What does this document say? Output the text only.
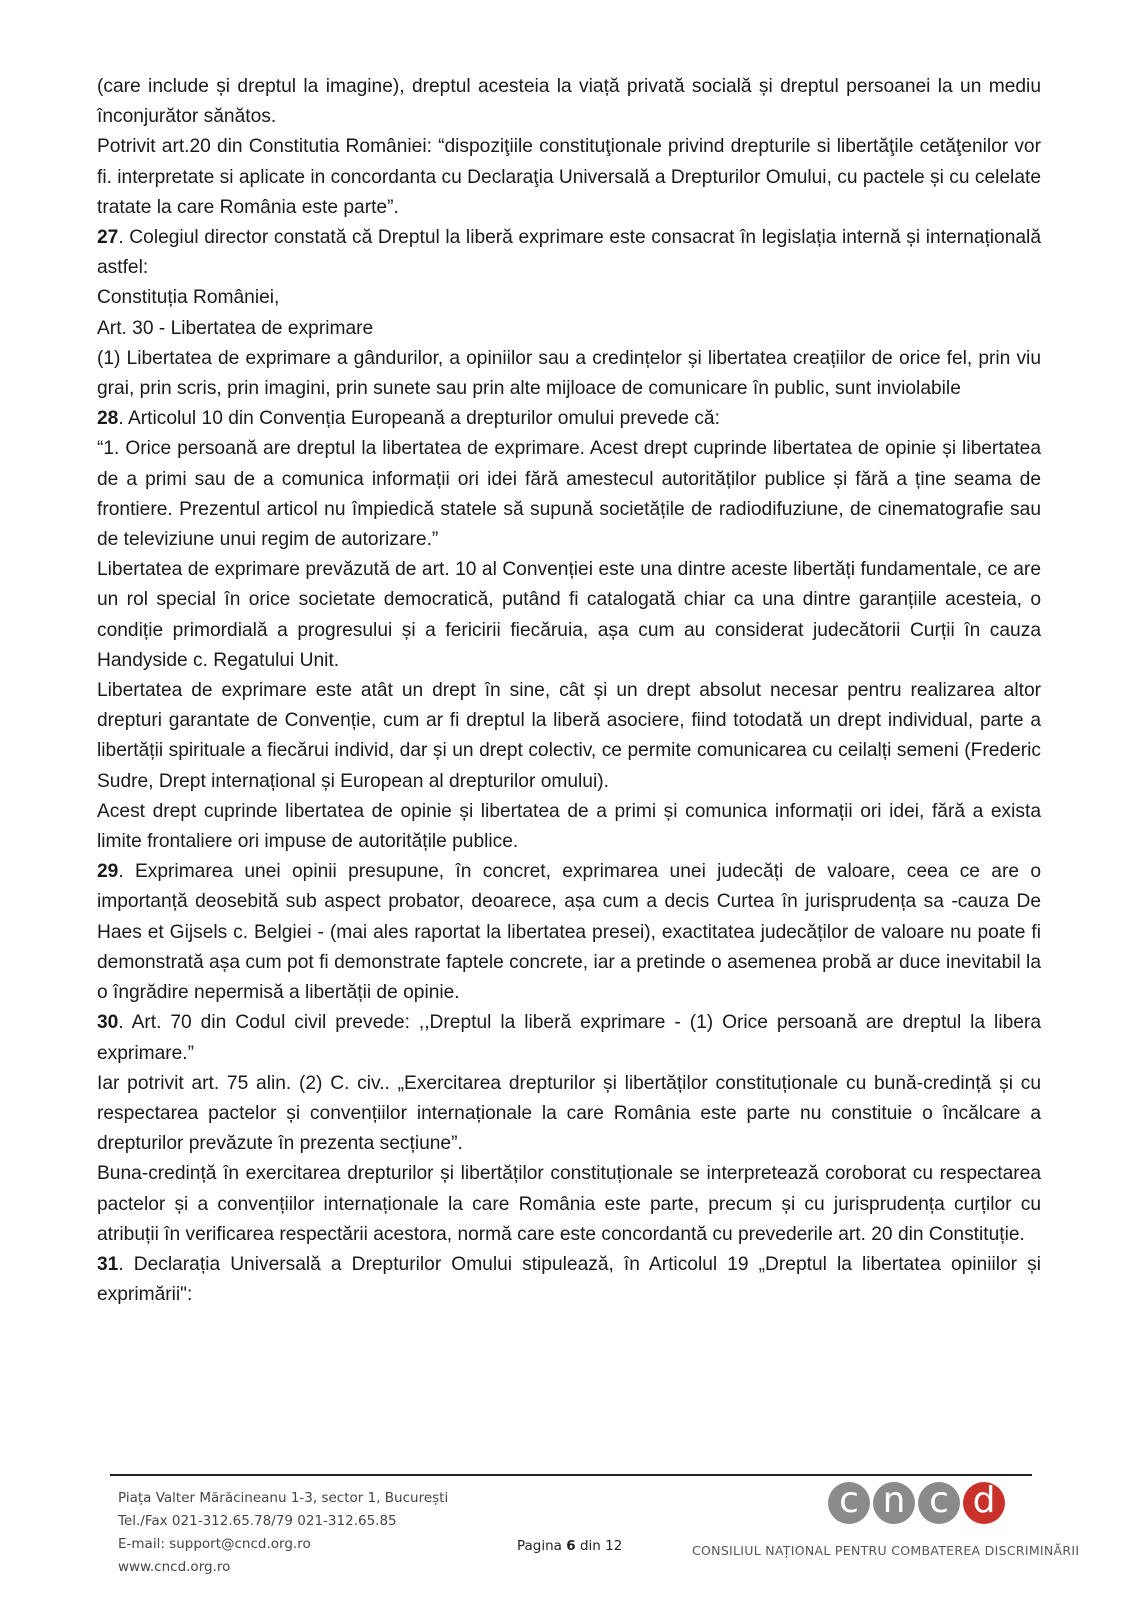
(care include și dreptul la imagine), dreptul acesteia la viață privată socială și dreptul persoanei la un mediu înconjurător sănătos.

Potrivit art.20 din Constitutia României: “dispoziţiile constituţionale privind drepturile si libertăţile cetăţenilor vor fi. interpretate si aplicate in concordanta cu Declaraţia Universală a Drepturilor Omului, cu pactele și cu celelate tratate la care România este parte”.

27. Colegiul director constată că Dreptul la liberă exprimare este consacrat în legislația internă și internațională astfel:

Constituția României,

Art. 30 - Libertatea de exprimare

(1) Libertatea de exprimare a gândurilor, a opiniilor sau a credințelor și libertatea creațiilor de orice fel, prin viu grai, prin scris, prin imagini, prin sunete sau prin alte mijloace de comunicare în public, sunt inviolabile

28. Articolul 10 din Convenția Europeană a drepturilor omului prevede că:

“1. Orice persoană are dreptul la libertatea de exprimare. Acest drept cuprinde libertatea de opinie și libertatea de a primi sau de a comunica informații ori idei fără amestecul autorităților publice și fără a ține seama de frontiere. Prezentul articol nu împiedică statele să supună societățile de radiodifuziune, de cinematografie sau de televiziune unui regim de autorizare.”

Libertatea de exprimare prevăzută de art. 10 al Convenției este una dintre aceste libertăți fundamentale, ce are un rol special în orice societate democratică, putând fi catalogată chiar ca una dintre garanțiile acesteia, o condiție primordială a progresului și a fericirii fiecăruia, așa cum au considerat judecătorii Curții în cauza Handyside c. Regatului Unit.

Libertatea de exprimare este atât un drept în sine, cât și un drept absolut necesar pentru realizarea altor drepturi garantate de Convenție, cum ar fi dreptul la liberă asociere, fiind totodată un drept individual, parte a libertății spirituale a fiecărui individ, dar și un drept colectiv, ce permite comunicarea cu ceilalți semeni (Frederic Sudre, Drept internațional și European al drepturilor omului).

Acest drept cuprinde libertatea de opinie și libertatea de a primi și comunica informații ori idei, fără a exista limite frontaliere ori impuse de autoritățile publice.

29. Exprimarea unei opinii presupune, în concret, exprimarea unei judecăți de valoare, ceea ce are o importanță deosebită sub aspect probator, deoarece, așa cum a decis Curtea în jurisprudența sa -cauza De Haes et Gijsels c. Belgiei - (mai ales raportat la libertatea presei), exactitatea judecăților de valoare nu poate fi demonstrată așa cum pot fi demonstrate faptele concrete, iar a pretinde o asemenea probă ar duce inevitabil la o îngrădire nepermisă a libertății de opinie.

30. Art. 70 din Codul civil prevede: ,,Dreptul la liberă exprimare - (1) Orice persoană are dreptul la libera exprimare.”

Iar potrivit art. 75 alin. (2) C. civ.. „Exercitarea drepturilor și libertăților constituționale cu bună-credință și cu respectarea pactelor și convențiilor internaționale la care România este parte nu constituie o încălcare a drepturilor prevăzute în prezenta secțiune”.

Buna-credință în exercitarea drepturilor și libertăților constituționale se interpretează coroborat cu respectarea pactelor și a convențiilor internaționale la care România este parte, precum și cu jurisprudența curților cu atribuții în verificarea respectării acestora, normă care este concordantă cu prevederile art. 20 din Constituție.

31. Declarația Universală a Drepturilor Omului stipulează, în Articolul 19 „Dreptul la libertatea opiniilor și exprimării":

Piața Valter Mărăcineanu 1-3, sector 1, București
Tel./Fax 021-312.65.78/79 021-312.65.85
E-mail: support@cncd.org.ro
www.cncd.org.ro
Pagina 6 din 12
c n c d
CONSILIUL NAȚIONAL PENTRU COMBATEREA DISCRIMINĂRII
